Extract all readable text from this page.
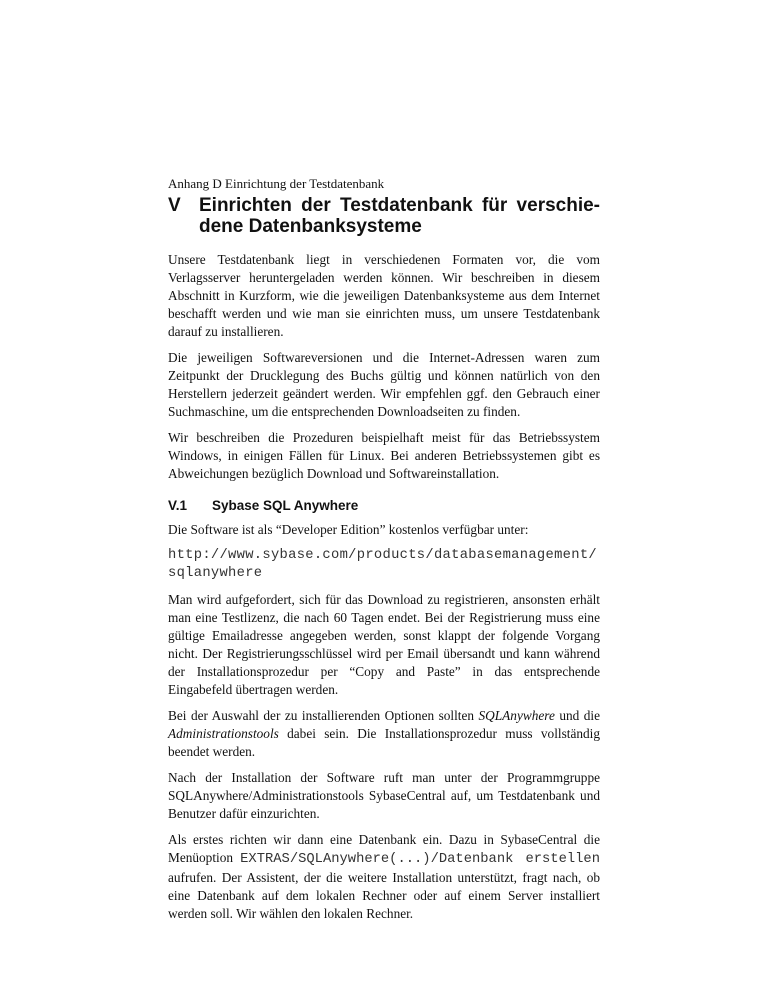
Anhang D Einrichtung der Testdatenbank
V Einrichten der Testdatenbank für verschie-dene Datenbanksysteme

Unsere Testdatenbank liegt in verschiedenen Formaten vor, die vom Verlagsserver heruntergeladen werden können. Wir beschreiben in diesem Abschnitt in Kurzform, wie die jeweiligen Datenbanksysteme aus dem Internet beschafft werden und wie man sie einrichten muss, um unsere Testdatenbank darauf zu installieren.

Die jeweiligen Softwareversionen und die Internet-Adressen waren zum Zeitpunkt der Drucklegung des Buchs gültig und können natürlich von den Herstellern jederzeit geändert werden. Wir empfehlen ggf. den Gebrauch einer Suchmaschine, um die entsprechenden Downloadseiten zu finden.

Wir beschreiben die Prozeduren beispielhaft meist für das Betriebssystem Windows, in einigen Fällen für Linux. Bei anderen Betriebssystemen gibt es Abweichungen bezüglich Download und Softwareinstallation.

V.1 Sybase SQL Anywhere

Die Software ist als “Developer Edition” kostenlos verfügbar unter:

http://www.sybase.com/products/databasemanagement/sqlanywhere

Man wird aufgefordert, sich für das Download zu registrieren, ansonsten erhält man eine Testlizenz, die nach 60 Tagen endet. Bei der Registrierung muss eine gültige Emailadresse angegeben werden, sonst klappt der folgende Vorgang nicht. Der Registrierungsschlüssel wird per Email übersandt und kann während der Installationsprozedur per “Copy and Paste” in das entsprechende Eingabefeld übertragen werden.

Bei der Auswahl der zu installierenden Optionen sollten SQLAnywhere und die Administrationstools dabei sein. Die Installationsprozedur muss vollständig beendet werden.

Nach der Installation der Software ruft man unter der Programmgruppe SQLAnywhere/Administrationstools SybaseCentral auf, um Testdatenbank und Benutzer dafür einzurichten.

Als erstes richten wir dann eine Datenbank ein. Dazu in SybaseCentral die Menüoption EXTRAS/SQLAnywhere(...)/Datenbank erstellen aufrufen. Der Assistent, der die weitere Installation unterstützt, fragt nach, ob eine Datenbank auf dem lokalen Rechner oder auf einem Server installiert werden soll. Wir wählen den lokalen Rechner.
